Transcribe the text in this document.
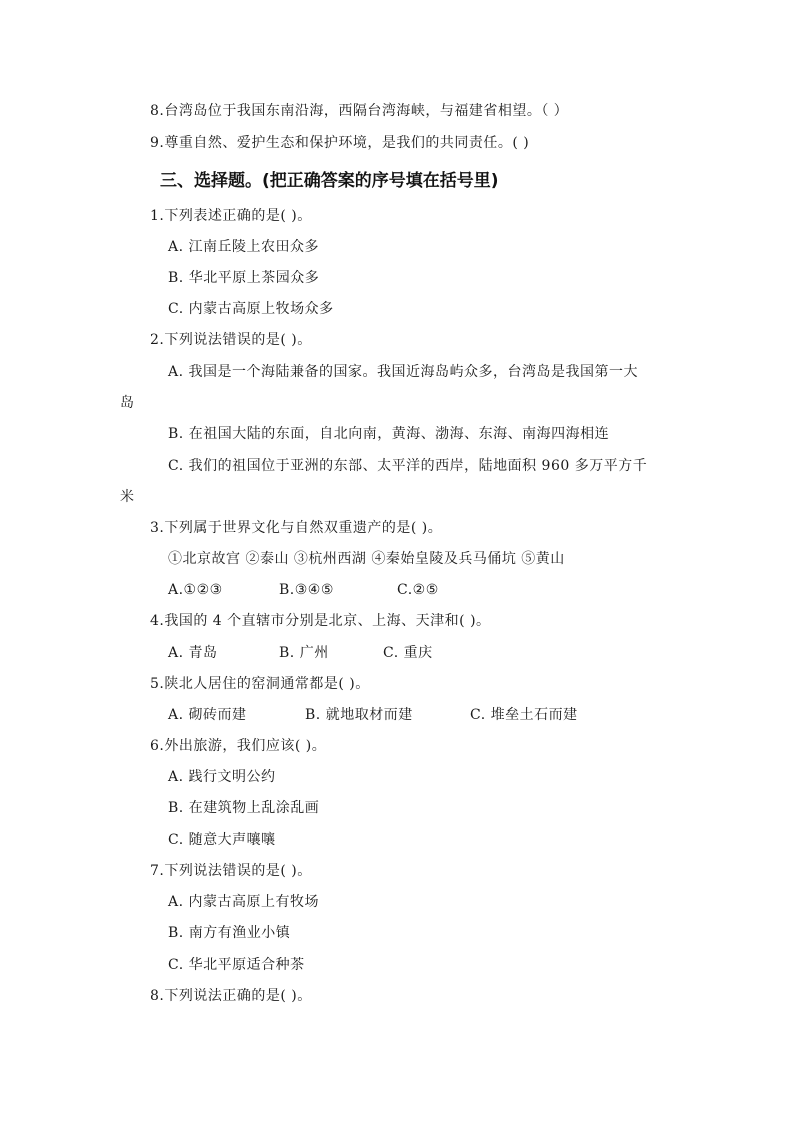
8.台湾岛位于我国东南沿海，西隔台湾海峡，与福建省相望。（ ）
9.尊重自然、爱护生态和保护环境，是我们的共同责任。( )
三、选择题。(把正确答案的序号填在括号里)
1.下列表述正确的是( )。
A. 江南丘陵上农田众多
B. 华北平原上茶园众多
C. 内蒙古高原上牧场众多
2.下列说法错误的是( )。
A. 我国是一个海陆兼备的国家。我国近海岛屿众多，台湾岛是我国第一大
岛
B. 在祖国大陆的东面，自北向南，黄海、渤海、东海、南海四海相连
C. 我们的祖国位于亚洲的东部、太平洋的西岸，陆地面积 960 多万平方千
米
3.下列属于世界文化与自然双重遗产的是( )。
①北京故宫 ②泰山 ③杭州西湖 ④秦始皇陵及兵马俑坑 ⑤黄山
A.①②③	B.③④⑤	C.②⑤
4.我国的 4 个直辖市分别是北京、上海、天津和( )。
A. 青岛	B. 广州	C. 重庆
5.陕北人居住的窑洞通常都是( )。
A. 砌砖而建	B. 就地取材而建	C. 堆垒土石而建
6.外出旅游，我们应该( )。
A. 践行文明公约
B. 在建筑物上乱涂乱画
C. 随意大声嚷嚷
7.下列说法错误的是( )。
A. 内蒙古高原上有牧场
B. 南方有渔业小镇
C. 华北平原适合种茶
8.下列说法正确的是( )。
